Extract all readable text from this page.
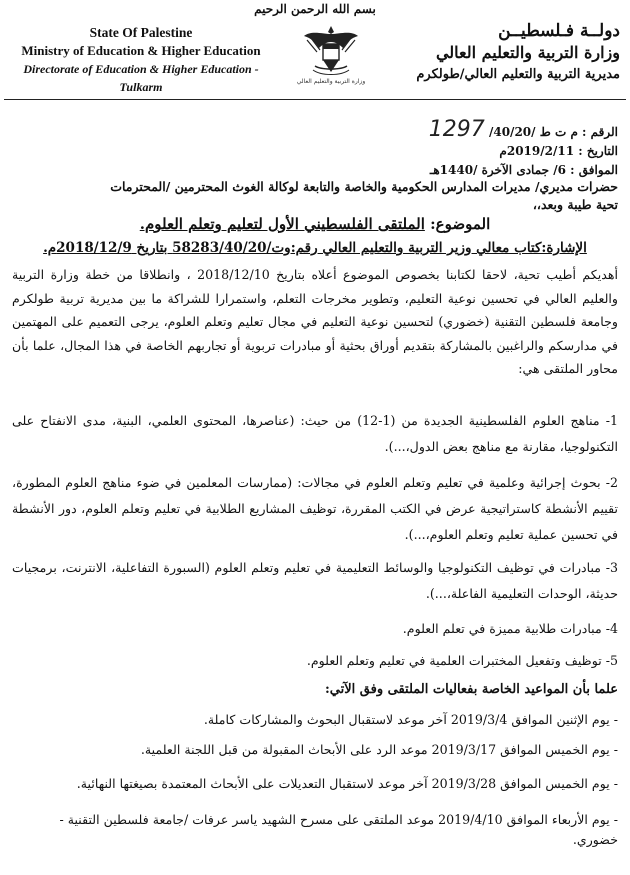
بسم الله الرحمن الرحيم
State Of Palestine
Ministry of Education & Higher Education
Directorate of Education & Higher Education - Tulkarm	وزارة التربية والتعليم العالي
دولــة فـلسطيــن
وزارة التربية والتعليم العالي
مديرية التربية والتعليم العالي/طولكرم
الرقم : م ت ط /40/20/ 1297
التاريخ : 2019/2/11م
الموافق : 6/ جمادى الآخرة /1440هـ
حضرات مديري/ مديرات المدارس الحكومية والخاصة والتابعة لوكالة الغوث المحترمين /المحترمات
تحية طيبة وبعد،،
الموضوع: الملتقى الفلسطيني الأول لتعليم وتعلم العلوم.
الإشارة:كتاب معالي وزير التربية والتعليم العالي رقم:وت/58283/40/20 بتاريخ 2018/12/9م.
أهديكم أطيب تحية، لاحقا لكتابنا بخصوص الموضوع أعلاه بتاريخ 2018/12/10 ، وانطلاقا من خطة وزارة التربية والعليم العالي في تحسين نوعية التعليم، وتطوير مخرجات التعلم، واستمرارا للشراكة ما بين مديرية تربية طولكرم وجامعة فلسطين التقنية (خضوري) لتحسين نوعية التعليم في مجال تعليم وتعلم العلوم، يرجى التعميم على المهتمين في مدارسكم والراغبين بالمشاركة بتقديم أوراق بحثية أو مبادرات تربوية أو تجاربهم الخاصة في هذا المجال، علما بأن محاور الملتقى هي:
1- مناهج العلوم الفلسطينية الجديدة من (1-12) من حيث: (عناصرها، المحتوى العلمي، البنية، مدى الانفتاح على التكنولوجيا، مقارنة مع مناهج بعض الدول،...).
2- بحوث إجرائية وعلمية في تعليم وتعلم العلوم في مجالات: (ممارسات المعلمين في ضوء مناهج العلوم المطورة، تقييم الأنشطة كاستراتيجية عرض في الكتب المقررة، توظيف المشاريع الطلابية في تعليم وتعلم العلوم، دور الأنشطة في تحسين عملية تعليم وتعلم العلوم،...).
3- مبادرات في توظيف التكنولوجيا والوسائط التعليمية في تعليم وتعلم العلوم (السبورة التفاعلية، الانترنت، برمجيات حديثة، الوحدات التعليمية الفاعلة،...).
4- مبادرات طلابية مميزة في تعلم العلوم.
5- توظيف وتفعيل المختبرات العلمية في تعليم وتعلم العلوم.
علما بأن المواعيد الخاصة بفعاليات الملتقى وفق الآتي:
- يوم الإثنين الموافق 2019/3/4 آخر موعد لاستقبال البحوث والمشاركات كاملة.
- يوم الخميس الموافق 2019/3/17 موعد الرد على الأبحاث المقبولة من قبل اللجنة العلمية.
- يوم الخميس الموافق 2019/3/28 آخر موعد لاستقبال التعديلات على الأبحاث المعتمدة بصيغتها النهائية.
- يوم الأربعاء الموافق 2019/4/10 موعد الملتقى على مسرح الشهيد ياسر عرفات /جامعة فلسطين التقنية - خضوري.
